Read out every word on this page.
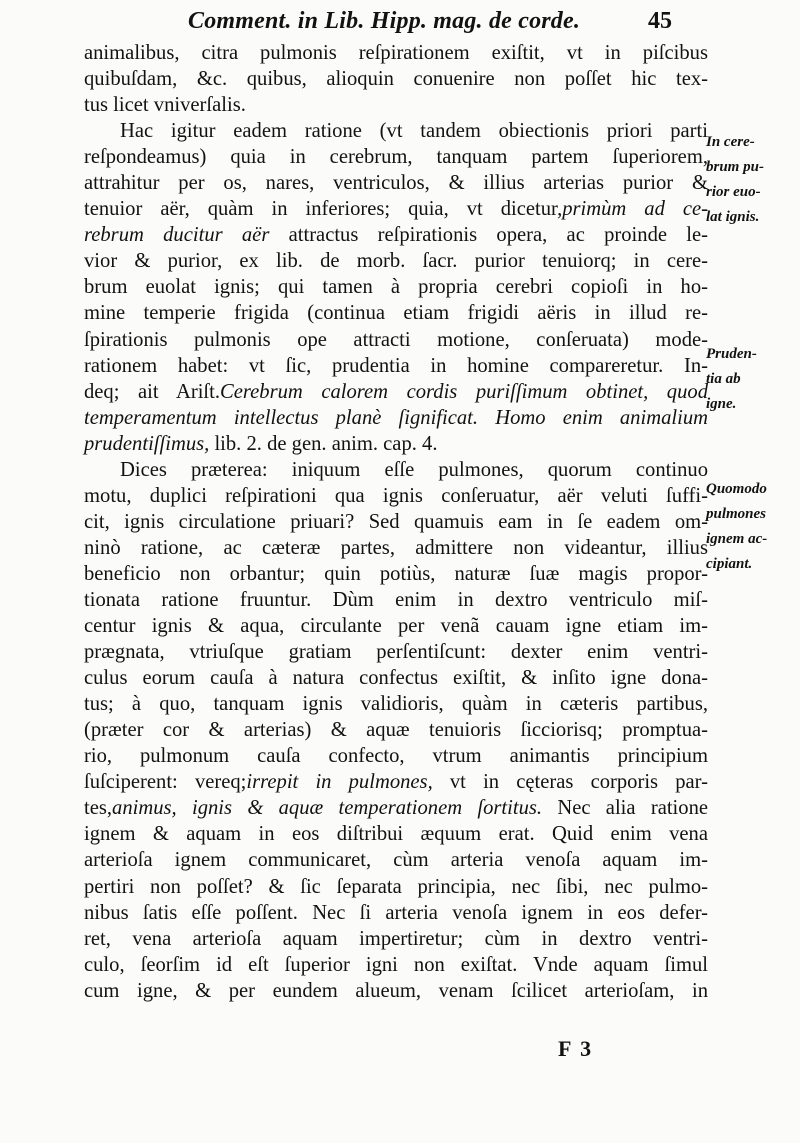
Comment. in Lib. Hipp. mag. de corde.	45
animalibus, citra pulmonis reſpirationem exiſtit, vt in piſcibus
quibuſdam, &c. quibus, alioquin conuenire non poſſet hic tex-
tus licet vniverſalis.
Hac igitur eadem ratione (vt tandem obiectionis priori parti
reſpondeamus) quia in cerebrum, tanquam partem ſuperiorem,
attrahitur per os, nares, ventriculos, & illius arterias purior &
tenuior aër, quàm in inferiores; quia, vt dicetur,primùm ad ce-
rebrum ducitur aër attractus reſpirationis opera, ac proinde le-
vior & purior, ex lib. de morb. ſacr. purior tenuiorq; in cere-
brum euolat ignis; qui tamen à propria cerebri copioſi in ho-
mine temperie frigida (continua etiam frigidi aëris in illud re-
ſpirationis pulmonis ope attracti motione, conſeruata) mode-
rationem habet: vt ſic, prudentia in homine compareretur. In-
deq; ait Ariſt.Cerebrum calorem cordis puriſſimum obtinet, quod
temperamentum intellectus planè ſignificat. Homo enim animalium
prudentiſſimus, lib. 2. de gen. anim. cap. 4.
Dices præterea: iniquum eſſe pulmones, quorum continuo
motu, duplici reſpirationi qua ignis conſeruatur, aër veluti ſuffi-
cit, ignis circulatione priuari? Sed quamuis eam in ſe eadem om-
ninò ratione, ac cæteræ partes, admittere non videantur, illius
beneficio non orbantur; quin potiùs, naturæ ſuæ magis propor-
tionata ratione fruuntur. Dùm enim in dextro ventriculo miſ-
centur ignis & aqua, circulante per venã cauam igne etiam im-
prægnata, vtriuſque gratiam perſentiſcunt: dexter enim ventri-
culus eorum cauſa à natura confectus exiſtit, & inſito igne dona-
tus; à quo, tanquam ignis validioris, quàm in cæteris partibus,
(præter cor & arterias) & aquæ tenuioris ſicciorisq; promptua-
rio, pulmonum cauſa confecto, vtrum animantis principium
ſuſciperent: vereq;irrepit in pulmones, vt in cęteras corporis par-
tes,animus, ignis & aquæ temperationem ſortitus. Nec alia ratione
ignem & aquam in eos diſtribui æquum erat. Quid enim vena
arterioſa ignem communicaret, cùm arteria venoſa aquam im-
pertiri non poſſet? & ſic ſeparata principia, nec ſibi, nec pulmo-
nibus ſatis eſſe poſſent. Nec ſi arteria venoſa ignem in eos defer-
ret, vena arterioſa aquam impertiretur; cùm in dextro ventri-
culo, ſeorſim id eſt ſuperior igni non exiſtat. Vnde aquam ſimul
cum igne, & per eundem alueum, venam ſcilicet arterioſam, in
In cere-
brum pu-
rior euo-
lat ignis.
Pruden-
tia ab
igne.
Quomodo
pulmones
ignem ac-
cipiant.
F 3
